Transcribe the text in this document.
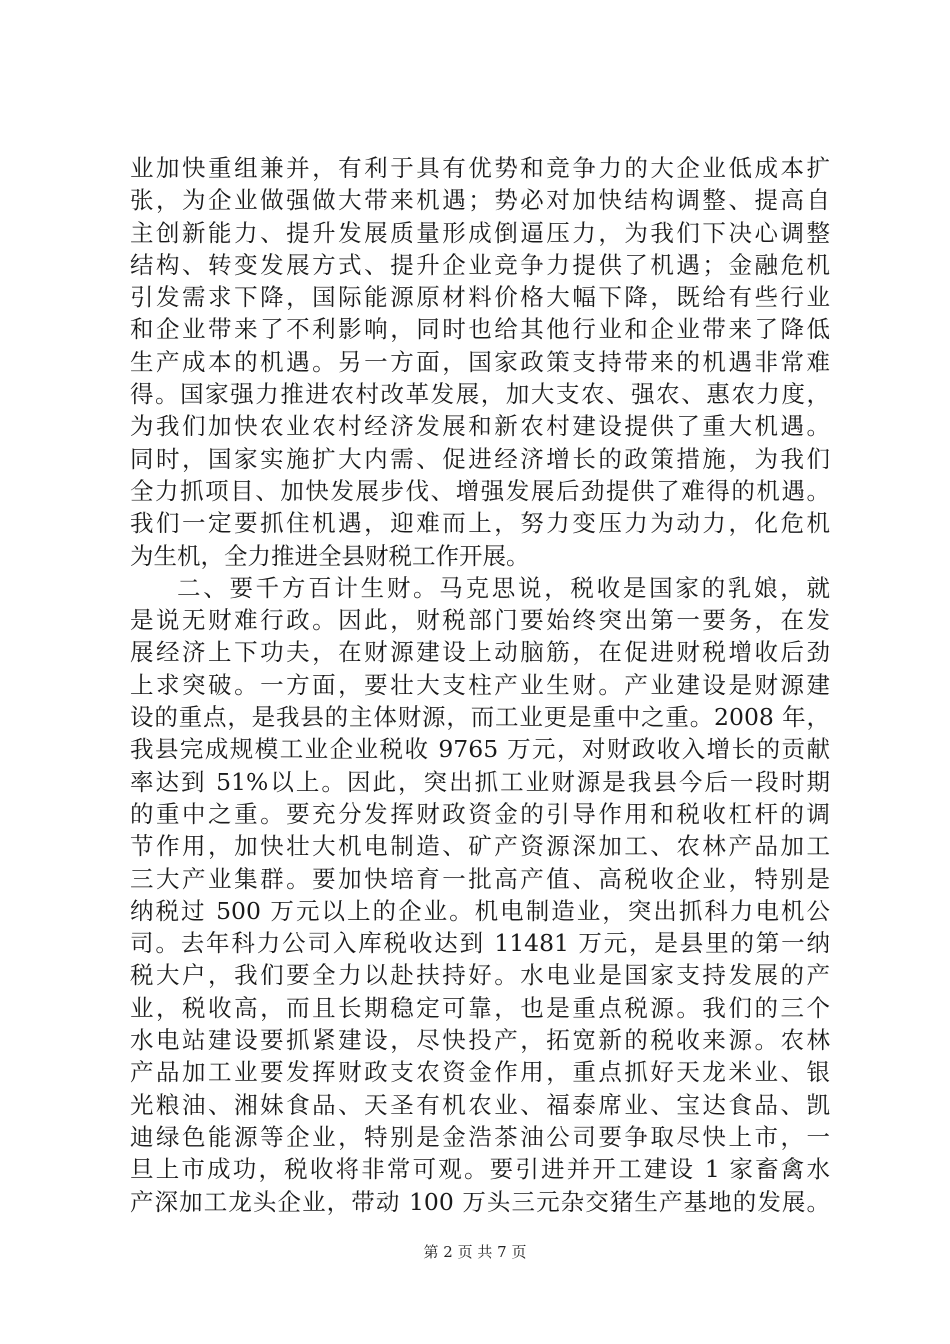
业加快重组兼并，有利于具有优势和竞争力的大企业低成本扩
张，为企业做强做大带来机遇；势必对加快结构调整、提高自
主创新能力、提升发展质量形成倒逼压力，为我们下决心调整
结构、转变发展方式、提升企业竞争力提供了机遇；金融危机
引发需求下降，国际能源原材料价格大幅下降，既给有些行业
和企业带来了不利影响，同时也给其他行业和企业带来了降低
生产成本的机遇。另一方面，国家政策支持带来的机遇非常难
得。国家强力推进农村改革发展，加大支农、强农、惠农力度，
为我们加快农业农村经济发展和新农村建设提供了重大机遇。
同时，国家实施扩大内需、促进经济增长的政策措施，为我们
全力抓项目、加快发展步伐、增强发展后劲提供了难得的机遇。
我们一定要抓住机遇，迎难而上，努力变压力为动力，化危机
为生机，全力推进全县财税工作开展。
二、要千方百计生财。马克思说，税收是国家的乳娘，就
是说无财难行政。因此，财税部门要始终突出第一要务，在发
展经济上下功夫，在财源建设上动脑筋，在促进财税增收后劲
上求突破。一方面，要壮大支柱产业生财。产业建设是财源建
设的重点，是我县的主体财源，而工业更是重中之重。2008 年，
我县完成规模工业企业税收 9765 万元，对财政收入增长的贡献
率达到 51%以上。因此，突出抓工业财源是我县今后一段时期
的重中之重。要充分发挥财政资金的引导作用和税收杠杆的调
节作用，加快壮大机电制造、矿产资源深加工、农林产品加工
三大产业集群。要加快培育一批高产值、高税收企业，特别是
纳税过 500 万元以上的企业。机电制造业，突出抓科力电机公
司。去年科力公司入库税收达到 11481 万元，是县里的第一纳
税大户，我们要全力以赴扶持好。水电业是国家支持发展的产
业，税收高，而且长期稳定可靠，也是重点税源。我们的三个
水电站建设要抓紧建设，尽快投产，拓宽新的税收来源。农林
产品加工业要发挥财政支农资金作用，重点抓好天龙米业、银
光粮油、湘妹食品、天圣有机农业、福泰席业、宝达食品、凯
迪绿色能源等企业，特别是金浩茶油公司要争取尽快上市，一
旦上市成功，税收将非常可观。要引进并开工建设 1 家畜禽水
产深加工龙头企业，带动 100 万头三元杂交猪生产基地的发展。
第 2 页 共 7 页
